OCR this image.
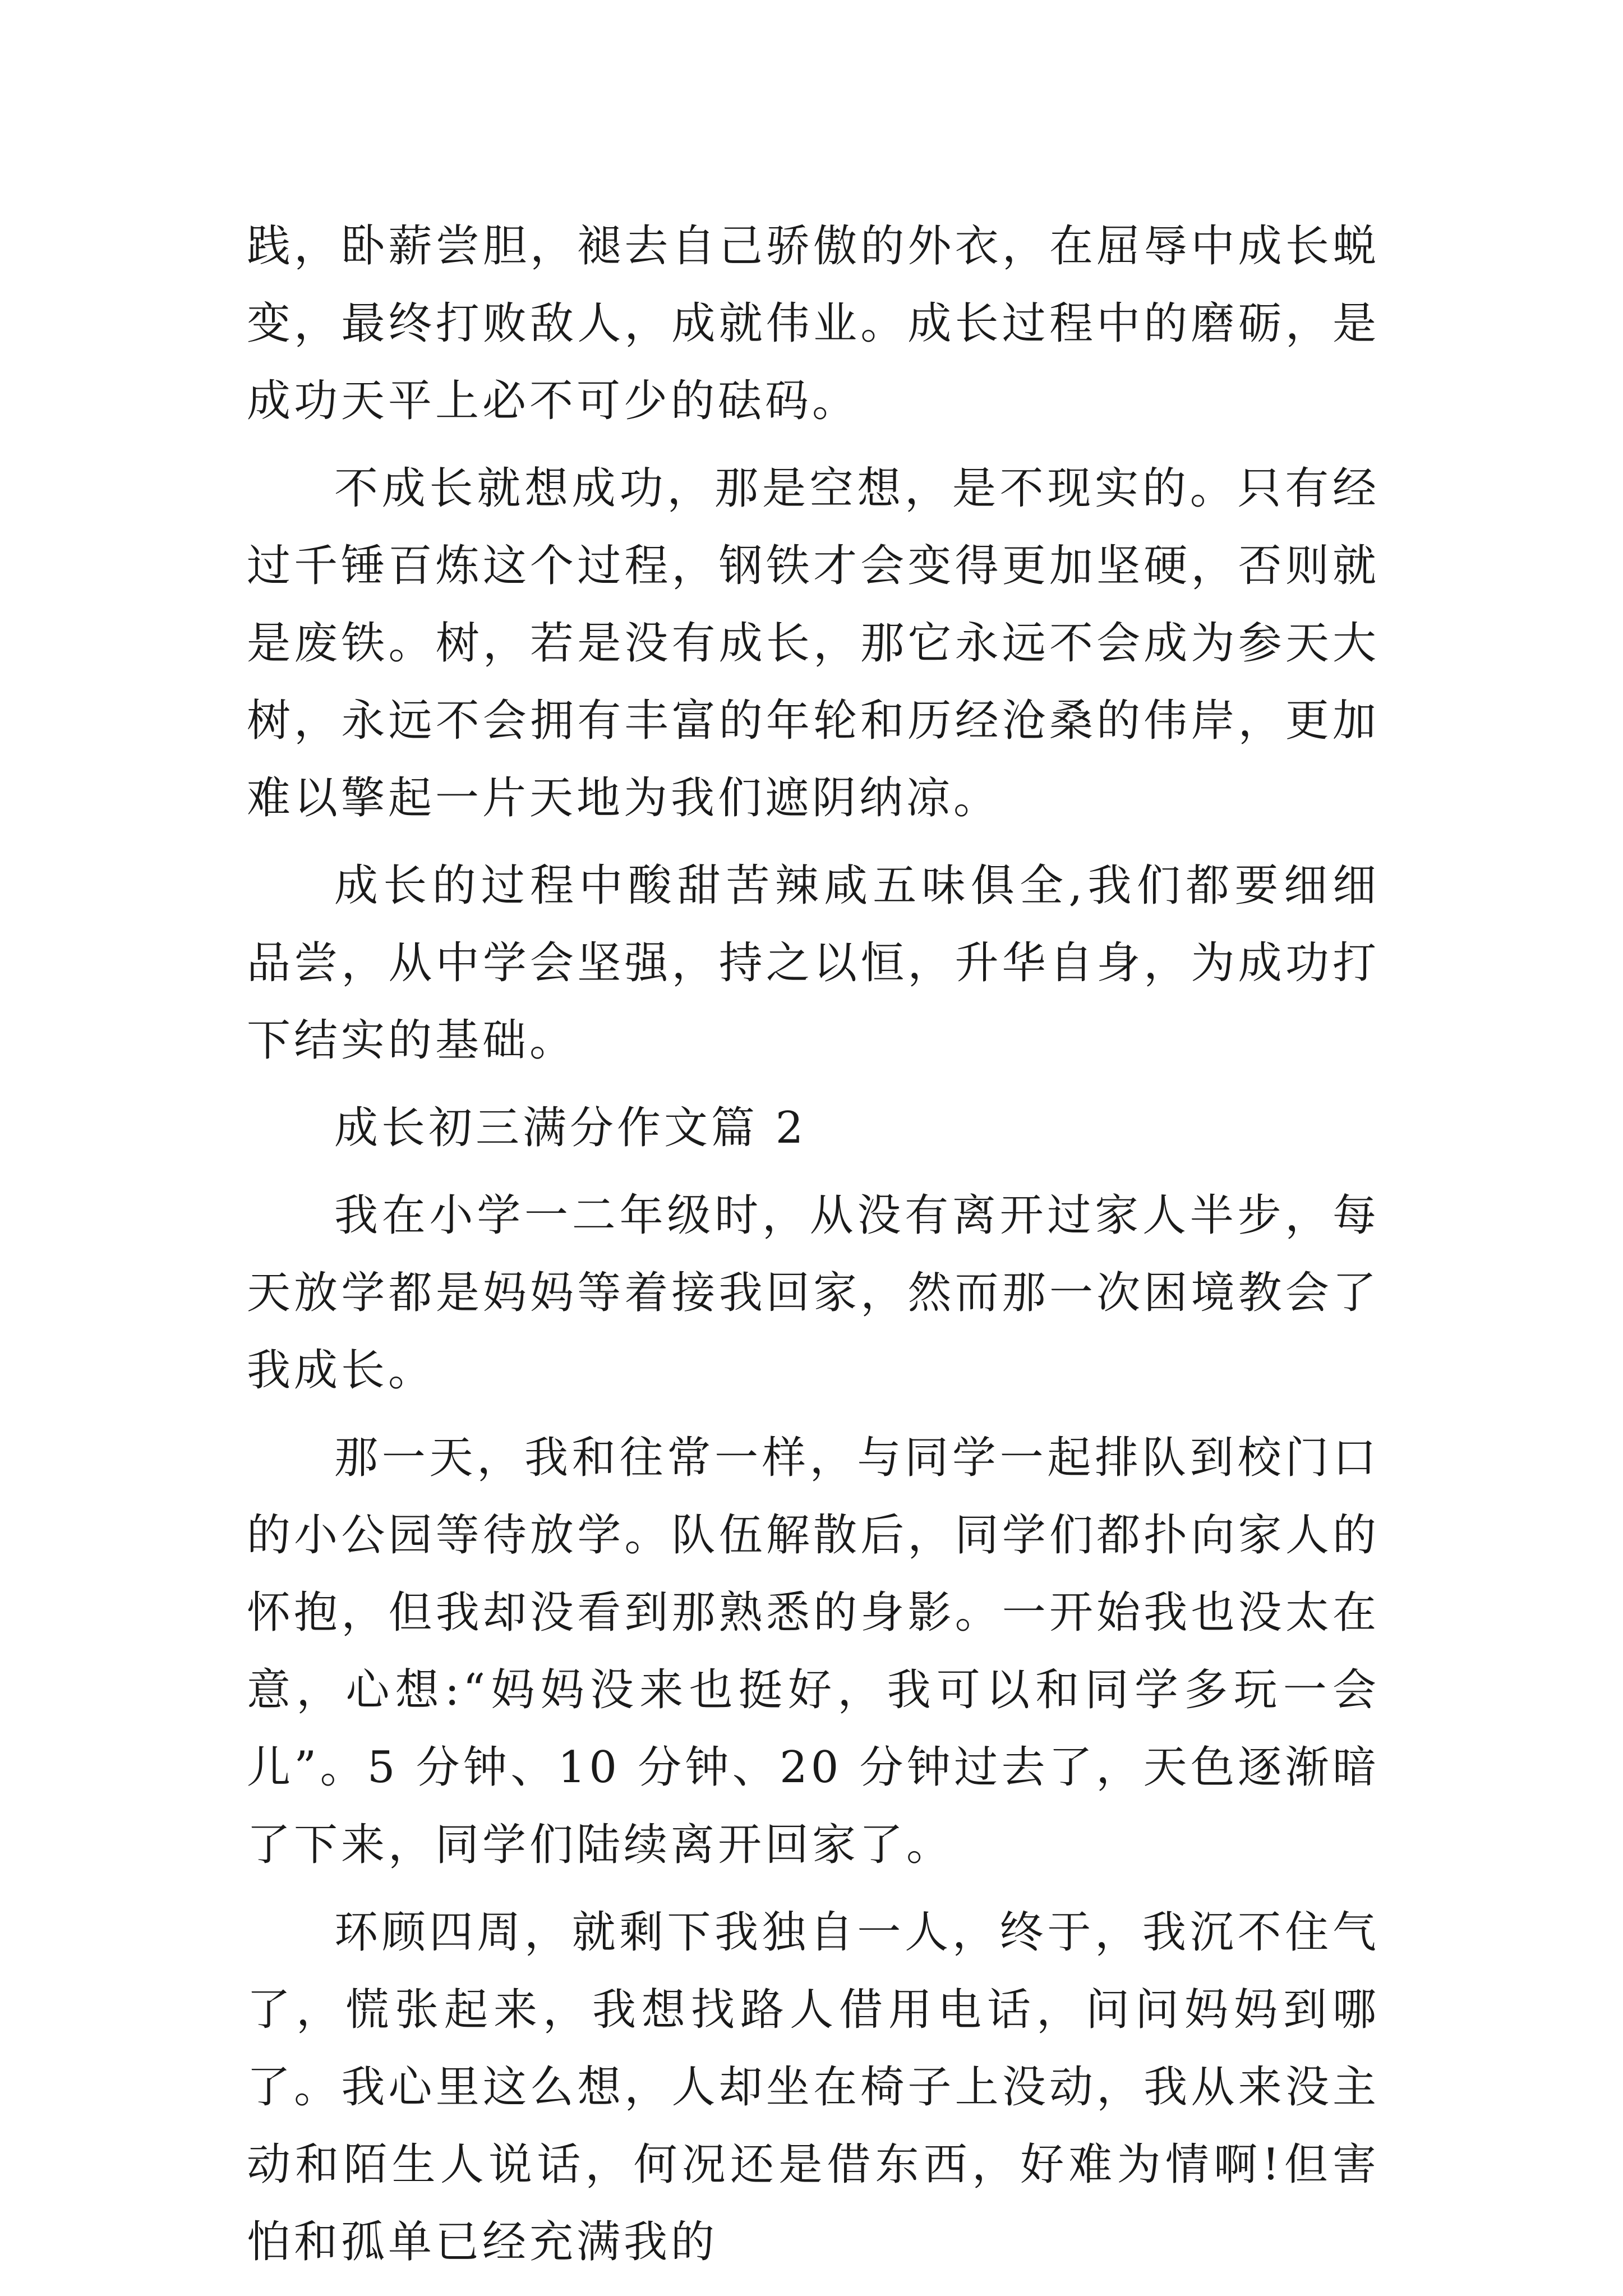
践，卧薪尝胆，褪去自己骄傲的外衣，在屈辱中成长蜕变，最终打败敌人，成就伟业。成长过程中的磨砺，是成功天平上必不可少的砝码。

不成长就想成功，那是空想，是不现实的。只有经过千锤百炼这个过程，钢铁才会变得更加坚硬，否则就是废铁。树，若是没有成长，那它永远不会成为参天大树，永远不会拥有丰富的年轮和历经沧桑的伟岸，更加难以擎起一片天地为我们遮阴纳凉。

成长的过程中酸甜苦辣咸五味俱全,我们都要细细品尝，从中学会坚强，持之以恒，升华自身，为成功打下结实的基础。

成长初三满分作文篇 2

我在小学一二年级时，从没有离开过家人半步，每天放学都是妈妈等着接我回家，然而那一次困境教会了我成长。

那一天，我和往常一样，与同学一起排队到校门口的小公园等待放学。队伍解散后，同学们都扑向家人的怀抱，但我却没看到那熟悉的身影。一开始我也没太在意，心想:“妈妈没来也挺好，我可以和同学多玩一会儿”。5 分钟、10 分钟、20 分钟过去了，天色逐渐暗了下来，同学们陆续离开回家了。

环顾四周，就剩下我独自一人，终于，我沉不住气了，慌张起来，我想找路人借用电话，问问妈妈到哪了。我心里这么想，人却坐在椅子上没动，我从来没主动和陌生人说话，何况还是借东西，好难为情啊!但害怕和孤单已经充满我的
